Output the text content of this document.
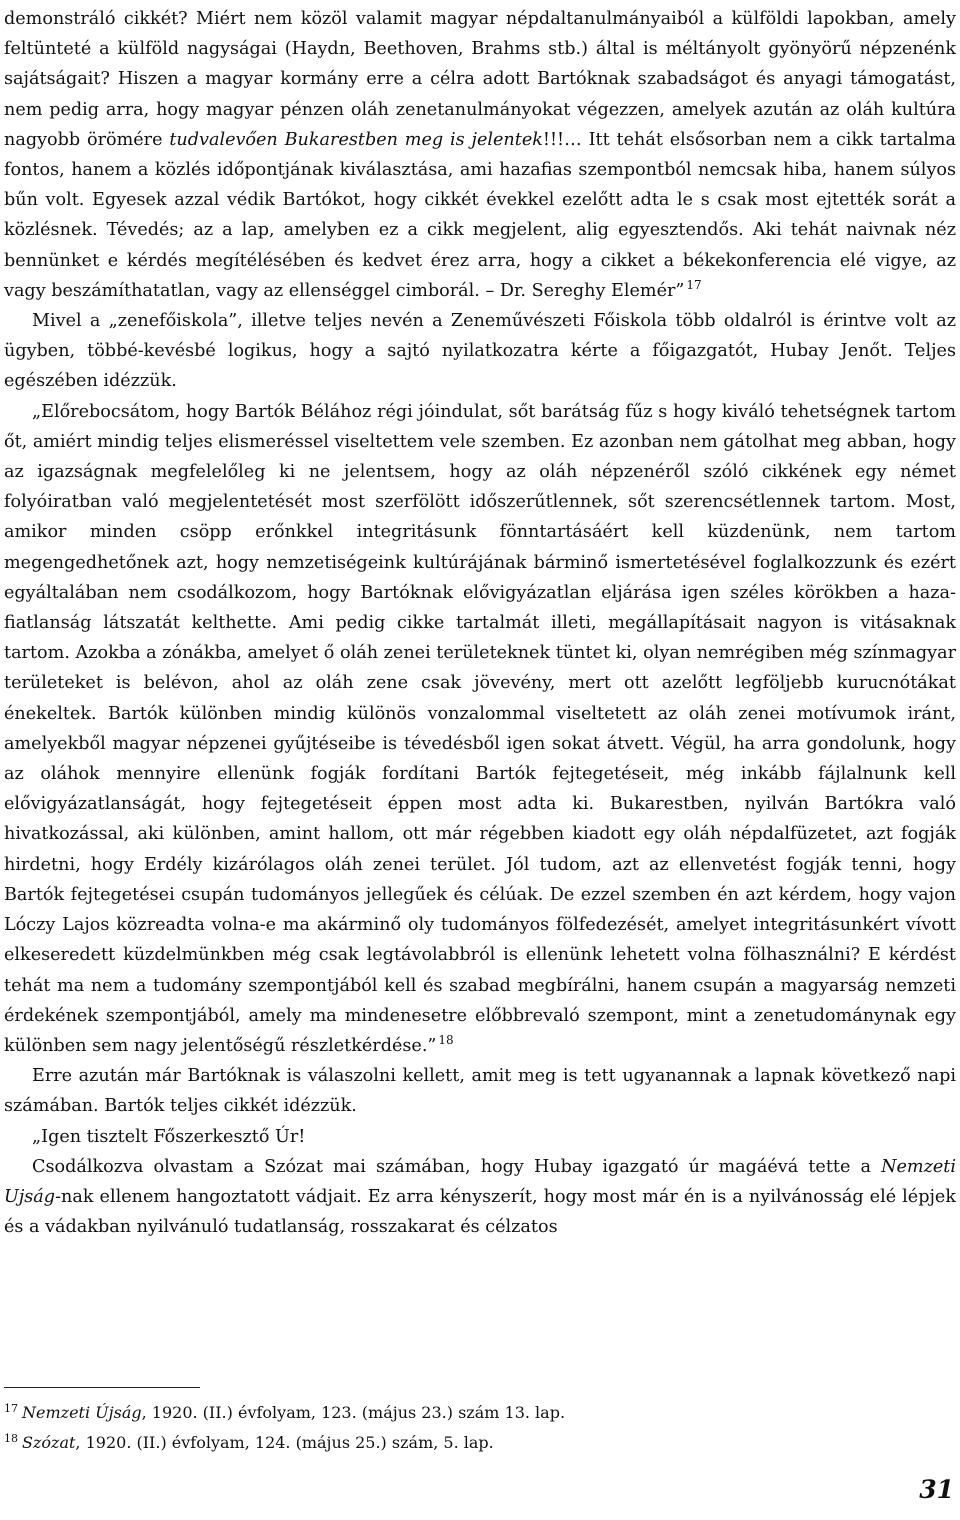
demonstráló cikkét? Miért nem közöl valamit magyar népdaltanulmányaiból a külföldi lapokban, amely feltünteté a külföld nagyságai (Haydn, Beethoven, Brahms stb.) által is méltányolt gyönyörű népzenénk sajátságait? Hiszen a magyar kormány erre a célra adott Bartóknak szabadságot és anyagi támogatást, nem pedig arra, hogy magyar pénzen oláh zenetanulmányokat végezzen, amelyek azután az oláh kultúra nagyobb örömére tudvalevően Bukarestben meg is jelentek!!!… Itt tehát elsősorban nem a cikk tartalma fontos, hanem a közlés időpontjának kiválasztása, ami hazafias szempontból nemcsak hiba, hanem súlyos bűn volt. Egyesek azzal védik Bartókot, hogy cikkét évekkel ezelőtt adta le s csak most ejtették sorát a közlésnek. Tévedés; az a lap, amelyben ez a cikk megjelent, alig egyesztendős. Aki tehát naivnak néz bennünket e kérdés megítélésében és kedvet érez arra, hogy a cikket a békekonferencia elé vigye, az vagy beszámíthatatlan, vagy az ellenséggel cimborál. – Dr. Sereghy Elemér” $^{17}$

Mivel a „zenefőiskola”, illetve teljes nevén a Zeneművészeti Főiskola több oldalról is érintve volt az ügyben, többé-kevésbé logikus, hogy a sajtó nyilatkozatra kérte a főigazgatót, Hubay Jenőt. Teljes egészében idézzük.

„Előrebocsátom, hogy Bartók Bélához régi jóindulat, sőt barátság fűz s hogy kiváló tehetségnek tartom őt, amiért mindig teljes elismeréssel viseltettem vele szemben. Ez azonban nem gátolhat meg abban, hogy az igazságnak megfelelőleg ki ne jelentsem, hogy az oláh népzenéről szóló cikkének egy német folyóiratban való megjelentetését most szerfölött időszerűtlennek, sőt szerencsétlennek tartom. Most, amikor minden csöpp erőnkkel integritásunk fönntartásáért kell küzdenünk, nem tartom megengedhetőnek azt, hogy nemzetiségeink kultúrájának bárminő ismertetésével foglalkozzunk és ezért egyáltalában nem csodálkozom, hogy Bartóknak elővigyázatlan eljárása igen széles körökben a hazafiatlanság látszatát kelthette. Ami pedig cikke tartalmát illeti, megállapításait nagyon is vitásaknak tartom. Azokba a zónákba, amelyet ő oláh zenei területeknek tüntet ki, olyan nemrégiben még színmagyar területeket is belévon, ahol az oláh zene csak jövevény, mert ott azelőtt legföljebb kurucnótákat énekeltek. Bartók különben mindig különös vonzalommal viseltetett az oláh zenei motívumok iránt, amelyekből magyar népzenei gyűjtéseibe is tévedésből igen sokat átvett. Végül, ha arra gondolunk, hogy az oláhok mennyire ellenünk fogják fordítani Bartók fejtegetéseit, még inkább fájlalnunk kell elővigyázatlanságát, hogy fejtegetéseit éppen most adta ki. Bukarestben, nyilván Bartókra való hivatkozással, aki különben, amint hallom, ott már régebben kiadott egy oláh népdalfüzetet, azt fogják hirdetni, hogy Erdély kizárólagos oláh zenei terület. Jól tudom, azt az ellenvetést fogják tenni, hogy Bartók fejtegetései csupán tudományos jellegűek és célúak. De ezzel szemben én azt kérdem, hogy vajon Lóczy Lajos közreadta volna-e ma akárminő oly tudományos fölfedezését, amelyet integritásunkért vívott elkeseredett küzdelmünkben még csak legtávolabbról is ellenünk lehetett volna fölhasználni? E kérdést tehát ma nem a tudomány szempontjából kell és szabad megbírálni, hanem csupán a magyarság nemzeti érdekének szempontjából, amely ma mindenesetre előbbrevaló szempont, mint a zenetudománynak egy különben sem nagy jelentőségű részletkérdése.” $^{18}$

Erre azután már Bartóknak is válaszolni kellett, amit meg is tett ugyanannak a lapnak következő napi számában. Bartók teljes cikkét idézzük.

„Igen tisztelt Főszerkesztő Úr!

Csodálkozva olvastam a Szózat mai számában, hogy Hubay igazgató úr magáévá tette a Nemzeti Ujság-nak ellenem hangoztatott vádjait. Ez arra kényszerít, hogy most már én is a nyilvánosság elé lépjek és a vádakban nyilvánuló tudatlanság, rosszakarat és célzatos

$^{17}$ Nemzeti Újság, 1920. (II.) évfolyam, 123. (május 23.) szám 13. lap.

$^{18}$ Szózat, 1920. (II.) évfolyam, 124. (május 25.) szám, 5. lap.

31
